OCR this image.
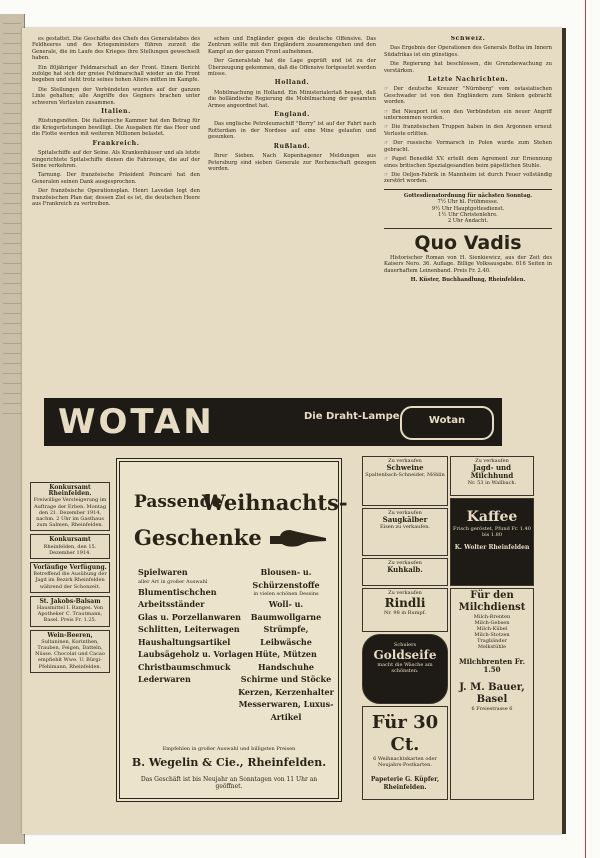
es gestattet. Die Geschäfte des Chefs des Generalstabes des Feldheeres und des Kriegsministers führen zurzeit die Generale, die im Laufe des Krieges ihre Stellungen gewechselt haben.

Ein 80jähriger Feldmarschall an der Front. Einem Bericht zufolge hat sich der greise Feldmarschall wieder an die Front begeben und steht trotz seines hohen Alters mitten im Kampfe.

Die Stellungen der Verbündeten wurden auf der ganzen Linie gehalten; alle Angriffe des Gegners brachen unter schweren Verlusten zusammen.

Italien.

Rüstungsnöten. Die italienische Kammer hat den Betrag für die Kriegsrüstungen bewilligt. Die Ausgaben für das Heer und die Flotte werden mit weiteren Millionen belastet.

Frankreich.

Spitalschiffe auf der Seine. Als Krankenhäuser und als letzte eingerichtete Spitalschiffe dienen die Fahrzeuge, die auf der Seine verkehren.

Tarnung. Der französische Präsident Poincaré hat den Generalen seinen Dank ausgesprochen.

Der französische Operationsplan. Henri Lavedan legt den französischen Plan dar, dessen Ziel es ist, die deutschen Heere aus Frankreich zu vertreiben.

schen und Engländer gegen die deutsche Offensive. Das Zentrum sollte mit den Engländern zusammengehen und den Kampf an der ganzen Front aufnehmen.

Der Generalstab hat die Lage geprüft und ist zu der Überzeugung gekommen, daß die Offensive fortgesetzt werden müsse.

Holland.

Mobilmachung in Holland. Ein Ministerialerlaß besagt, daß die holländische Regierung die Mobilmachung der gesamten Armee angeordnet hat.

England.

Das englische Petroleumschiff "Berry" ist auf der Fahrt nach Rotterdam in der Nordsee auf eine Mine gelaufen und gesunken.

Rußland.

Ihrer Sieben. Nach Kopenhagener Meldungen aus Petersburg sind sieben Generale zur Rechenschaft gezogen worden.

Schweiz.

Das Ergebnis der Operationen des Generals Botha im Innern Südafrikas ist ein günstiges.

Die Regierung hat beschlossen, die Grenzbewachung zu verstärken.

Letzte Nachrichten.

☞ Der deutsche Kreuzer "Nürnberg" vom ostasiatischen Geschwader ist von den Engländern zum Sinken gebracht worden.

☞ Bei Nieuport ist von den Verbündeten ein neuer Angriff unternommen worden.

☞ Die französischen Truppen haben in den Argonnen erneut Verluste erlitten.

☞ Der russische Vormarsch in Polen wurde zum Stehen gebracht.

☞ Papst Benedikt XV. erteilt dem Agrement zur Ernennung eines britischen Spezialgesandten beim päpstlichen Stuhle.

☞ Die Oeljon-Fabrik in Mannheim ist durch Feuer vollständig zerstört worden.

Gottesdienstordnung für nächsten Sonntag.
7½ Uhr hl. Frühmesse.
9½ Uhr Hauptgottesdienst.
1½ Uhr Christenlehre.
2 Uhr Andacht.
Quo Vadis

Historischer Roman von H. Sienkiewicz, aus der Zeit des Kaisers Nero. 36. Auflage. Billige Volksausgabe. 616 Seiten in dauerhaftem Leinenband. Preis Fr. 2.40.

H. Küster, Buchhandlung, Rheinfelden.

Konkursamt Rheinfelden.
Freiwillige Versteigerung im Auftrage der Erben. Montag den 21. Dezember 1914, nachm. 2 Uhr im Gasthaus zum Salmen, Rheinfelden.
Konkursamt
Rheinfelden, den 15. Dezember 1914.
Vorläufige Verfügung.
Betreffend die Ausübung der Jagd im Bezirk Rheinfelden während der Schonzeit.
St. Jakobs-Balsam
Hausmittel I. Ranges. Von Apotheker C. Trautmann, Basel. Preis Fr. 1.25.
Wein-Beeren,
Sultaninen, Korinthen, Trauben, Feigen, Datteln, Nüsse. Chocolat und Cacao empfiehlt Wwe. U. Bürgi-Pfehlmann, Rheinfelden.
WOTAN	Die Draht-Lampe	Wotan
Passende
Weihnachts-
Geschenke
Spielwaren
aller Art in großer Auswahl
Blumentischchen
Arbeitsständer
Glas u. Porzellanwaren
Schlitten, Leiterwagen
Haushaltungsartikel
Laubsägeholz u. Vorlagen
Christbaumschmuck
Lederwaren
Blousen- u. Schürzenstoffe
in vielen schönen Dessins
Woll- u. Baumwollgarne
Strümpfe, Leibwäsche
Hüte, Mützen
Handschuhe
Schirme und Stöcke
Kerzen, Kerzenhalter
Messerwaren, Luxus-Artikel
Empfehlen in großer Auswahl und billigsten Preisen
B. Wegelin & Cie., Rheinfelden.
Das Geschäft ist bis Neujahr an Sonntagen von 11 Uhr an geöffnet.
Zu verkaufen
Schweine
Spaltenbach-Schneider, Möhlin
Zu verkaufen
Jagd- und Milchhund
Nr. 53 in Wallbach.
Zu verkaufen
Saugkälber
Eisen zu verkaufen.
Kaffee
Frisch geröstet, Pfund Fr. 1.40 bis 1.80
K. Wolter Rheinfelden
Zu verkaufen
Kuhkalb.
Zu verkaufen
Rindli
Nr. 98 in Rumpf.
Schulers
Goldseife
macht die Wäsche am schönsten.
Für den Milchdienst
Milch-Brenten
Milch-Gebsen
Milch-Kübel
Milch-Stotzen
Tragbänder
Melkstühle
Milchbrenten Fr. 1.50
J. M. Bauer, Basel
6 Freiestrasse 6
Für 30 Ct.
6 Weihnachtskarten oder Neujahrs-Postkarten.
Papeterie G. Küpfer, Rheinfelden.
